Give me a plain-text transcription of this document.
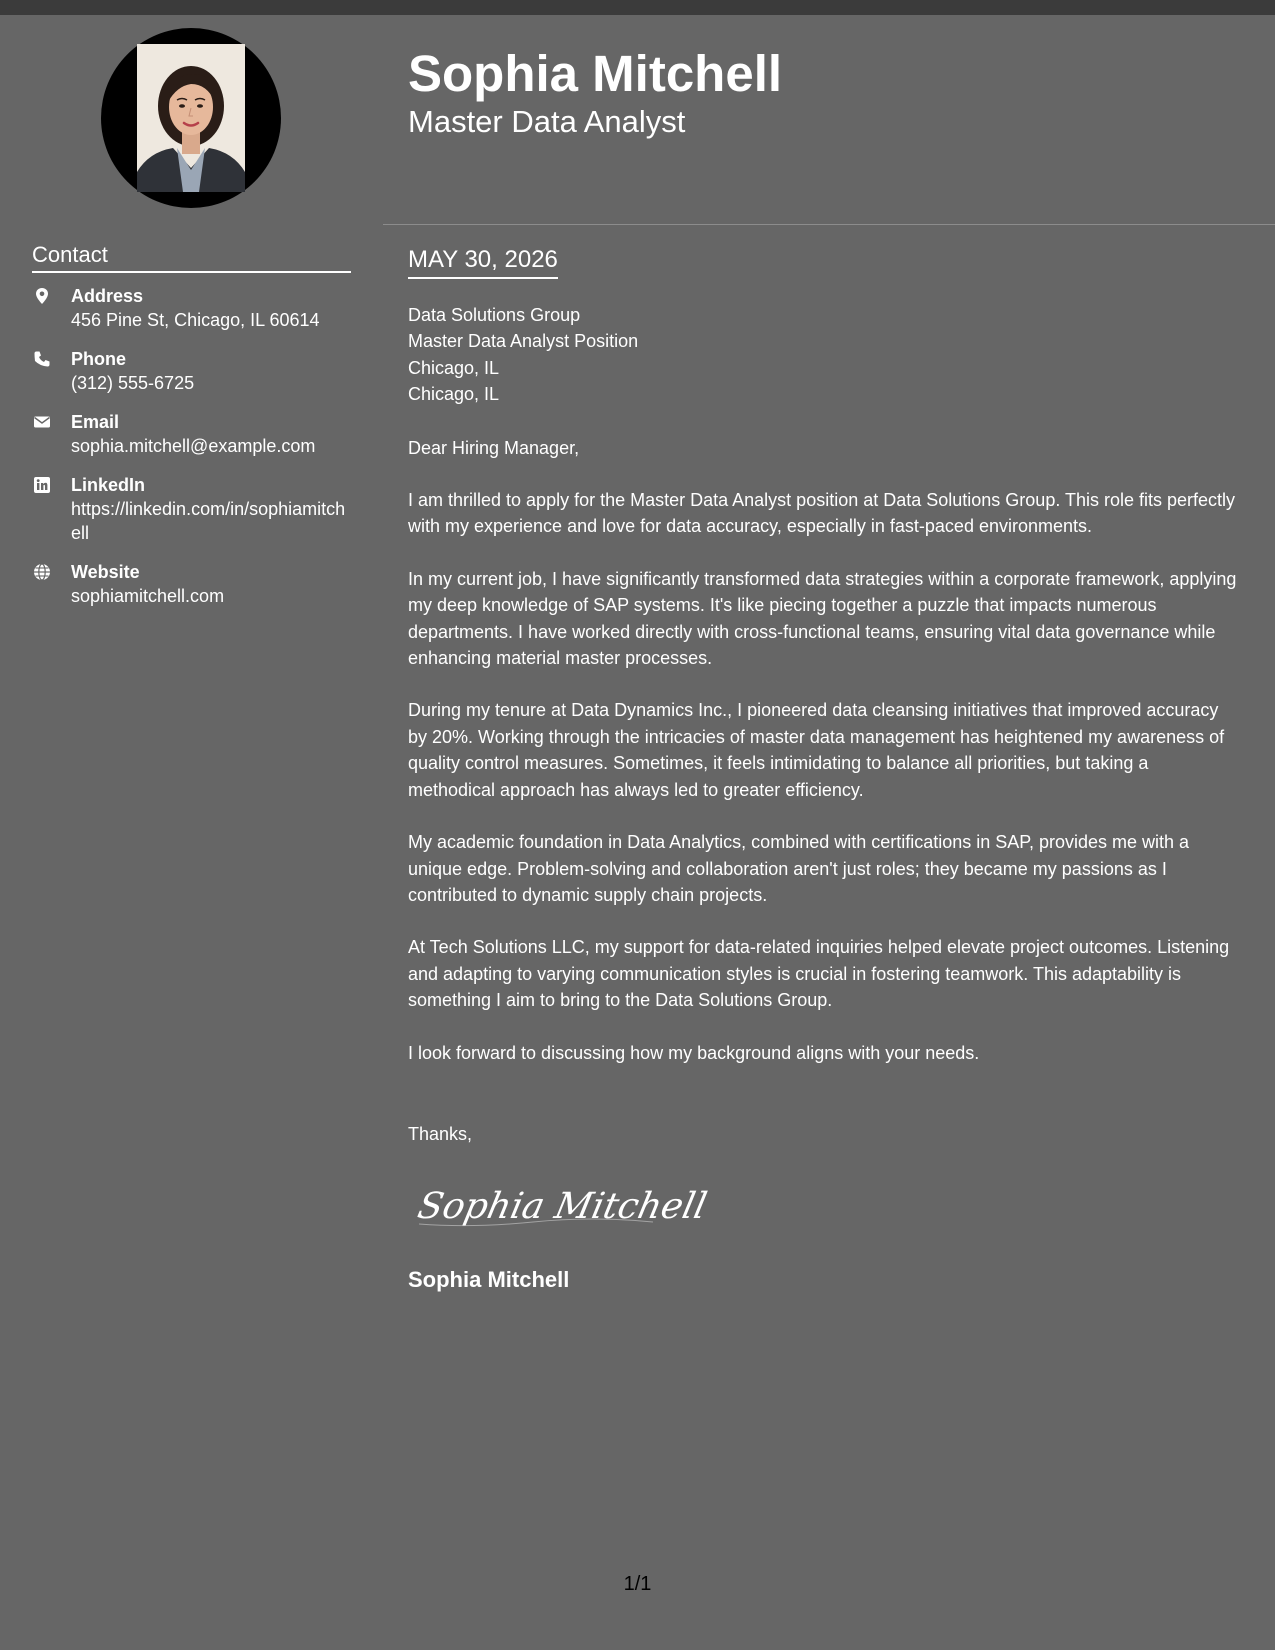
Contact
Address
456 Pine St, Chicago, IL 60614
Phone
(312) 555-6725
Email
sophia.mitchell@example.com
LinkedIn
https://linkedin.com/in/sophiamitchell
Website
sophiamitchell.com
Sophia Mitchell
Master Data Analyst
MAY 30, 2026
Data Solutions Group
Master Data Analyst Position
Chicago, IL
Chicago, IL
Dear Hiring Manager,

I am thrilled to apply for the Master Data Analyst position at Data Solutions Group. This role fits perfectly with my experience and love for data accuracy, especially in fast-paced environments.

In my current job, I have significantly transformed data strategies within a corporate framework, applying my deep knowledge of SAP systems. It's like piecing together a puzzle that impacts numerous departments. I have worked directly with cross-functional teams, ensuring vital data governance while enhancing material master processes.

During my tenure at Data Dynamics Inc., I pioneered data cleansing initiatives that improved accuracy by 20%. Working through the intricacies of master data management has heightened my awareness of quality control measures. Sometimes, it feels intimidating to balance all priorities, but taking a methodical approach has always led to greater efficiency.

My academic foundation in Data Analytics, combined with certifications in SAP, provides me with a unique edge. Problem-solving and collaboration aren't just roles; they became my passions as I contributed to dynamic supply chain projects.

At Tech Solutions LLC, my support for data-related inquiries helped elevate project outcomes. Listening and adapting to varying communication styles is crucial in fostering teamwork. This adaptability is something I aim to bring to the Data Solutions Group.

I look forward to discussing how my background aligns with your needs.

Thanks,
Sophia Mitchell
Sophia Mitchell
1/1
